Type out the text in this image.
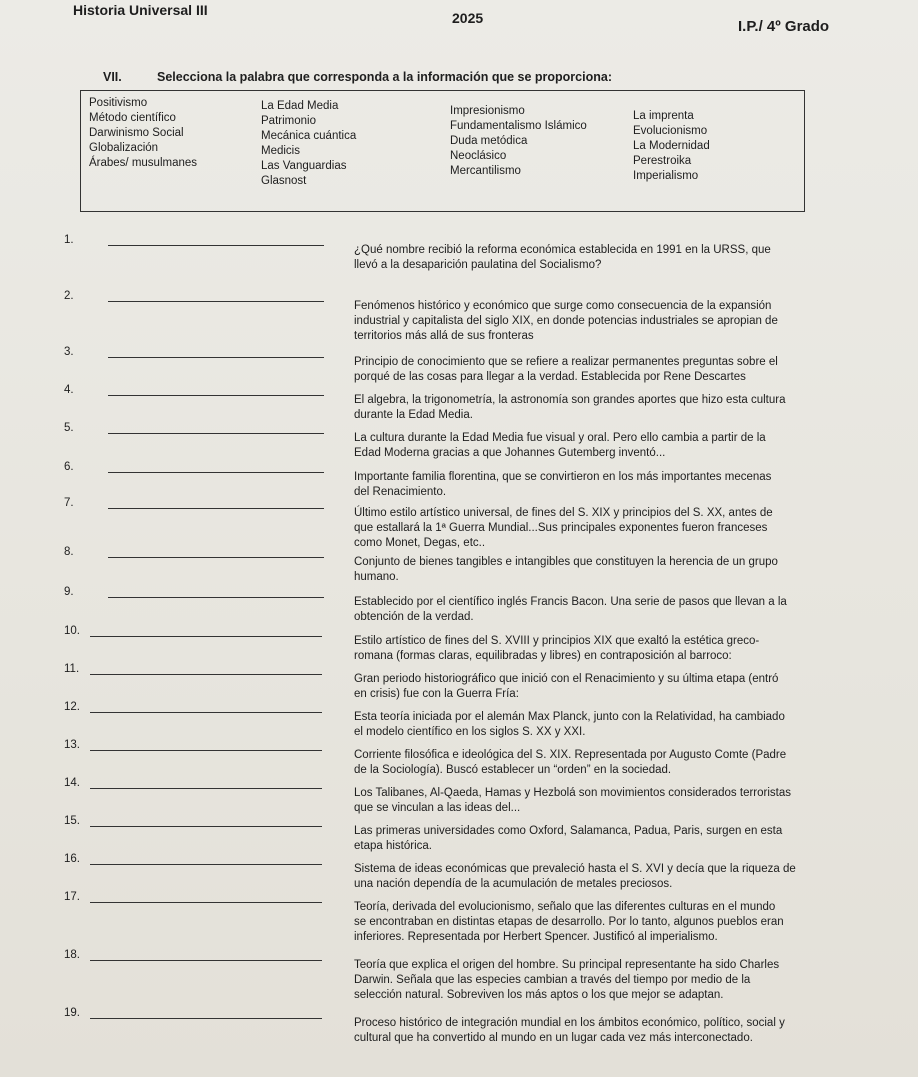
Historia Universal III	2025	I.P./ 4º Grado
VII.	Selecciona la palabra que corresponda a la información que se proporciona:
Positivismo
Método científico
Darwinismo Social
Globalización
Árabes/ musulmanes
La Edad Media
Patrimonio
Mecánica cuántica
Medicis
Las Vanguardias
Glasnost
Impresionismo
Fundamentalismo Islámico
Duda metódica
Neoclásico
Mercantilismo
La imprenta
Evolucionismo
La Modernidad
Perestroika
Imperialismo
1.
¿Qué nombre recibió la reforma económica establecida en 1991 en la URSS, que
llevó a la desaparición paulatina del Socialismo?
2.
Fenómenos histórico y económico que surge como consecuencia de la expansión
industrial y capitalista del siglo XIX, en donde potencias industriales se apropian de
territorios más allá de sus fronteras
3.
Principio de conocimiento que se refiere a realizar permanentes preguntas sobre el
porqué de las cosas para llegar a la verdad. Establecida por Rene Descartes
4.
El algebra, la trigonometría, la astronomía son grandes aportes que hizo esta cultura
durante la Edad Media.
5.
La cultura durante la Edad Media fue visual y oral. Pero ello cambia a partir de la
Edad Moderna gracias a que Johannes Gutemberg inventó...
6.
Importante familia florentina, que se convirtieron en los más importantes mecenas
del Renacimiento.
7.
Último estilo artístico universal, de fines del S. XIX y principios del S. XX, antes de
que estallará la 1ª Guerra Mundial...Sus principales exponentes fueron franceses
como Monet, Degas, etc..
8.
Conjunto de bienes tangibles e intangibles que constituyen la herencia de un grupo
humano.
9.
Establecido por el científico inglés Francis Bacon. Una serie de pasos que llevan a la
obtención de la verdad.
10.
Estilo artístico de fines del S. XVIII y principios XIX que exaltó la estética greco-
romana (formas claras, equilibradas y libres) en contraposición al barroco:
11.
Gran periodo historiográfico que inició con el Renacimiento y su última etapa (entró
en crisis) fue con la Guerra Fría:
12.
Esta teoría iniciada por el alemán Max Planck, junto con la Relatividad, ha cambiado
el modelo científico en los siglos S. XX y XXI.
13.
Corriente filosófica e ideológica del S. XIX. Representada por Augusto Comte (Padre
de la Sociología). Buscó establecer un “orden” en la sociedad.
14.
Los Talibanes, Al-Qaeda, Hamas y Hezbolá son movimientos considerados terroristas
que se vinculan a las ideas del...
15.
Las primeras universidades como Oxford, Salamanca, Padua, Paris, surgen en esta
etapa histórica.
16.
Sistema de ideas económicas que prevaleció hasta el S. XVI y decía que la riqueza de
una nación dependía de la acumulación de metales preciosos.
17.
Teoría, derivada del evolucionismo, señalo que las diferentes culturas en el mundo
se encontraban en distintas etapas de desarrollo. Por lo tanto, algunos pueblos eran
inferiores. Representada por Herbert Spencer. Justificó al imperialismo.
18.
Teoría que explica el origen del hombre. Su principal representante ha sido Charles
Darwin. Señala que las especies cambian a través del tiempo por medio de la
selección natural. Sobreviven los más aptos o los que mejor se adaptan.
19.
Proceso histórico de integración mundial en los ámbitos económico, político, social y
cultural que ha convertido al mundo en un lugar cada vez más interconectado.
